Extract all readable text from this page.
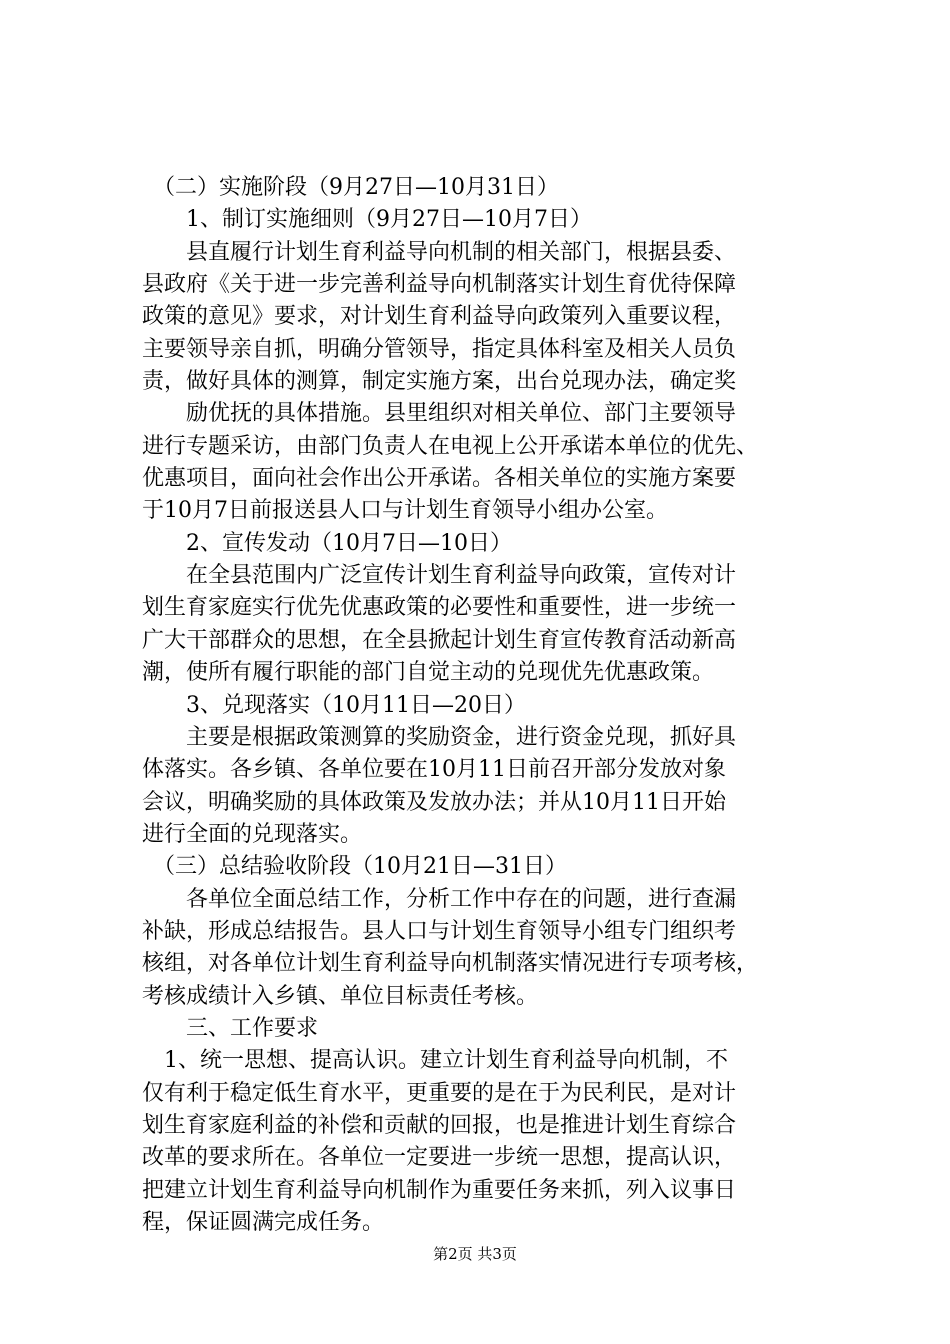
　（二）实施阶段（9月27日—10月31日）
　　1、制订实施细则（9月27日—10月7日）
　　县直履行计划生育利益导向机制的相关部门，根据县委、
县政府《关于进一步完善利益导向机制落实计划生育优待保障
政策的意见》要求，对计划生育利益导向政策列入重要议程，
主要领导亲自抓，明确分管领导，指定具体科室及相关人员负
责，做好具体的测算，制定实施方案，出台兑现办法，确定奖
　　励优抚的具体措施。县里组织对相关单位、部门主要领导
进行专题采访，由部门负责人在电视上公开承诺本单位的优先、
优惠项目，面向社会作出公开承诺。各相关单位的实施方案要
于10月7日前报送县人口与计划生育领导小组办公室。
　　2、宣传发动（10月7日—10日）
　　在全县范围内广泛宣传计划生育利益导向政策，宣传对计
划生育家庭实行优先优惠政策的必要性和重要性，进一步统一
广大干部群众的思想，在全县掀起计划生育宣传教育活动新高
潮，使所有履行职能的部门自觉主动的兑现优先优惠政策。
　　3、兑现落实（10月11日—20日）
　　主要是根据政策测算的奖励资金，进行资金兑现，抓好具
体落实。各乡镇、各单位要在10月11日前召开部分发放对象
会议，明确奖励的具体政策及发放办法；并从10月11日开始
进行全面的兑现落实。
　（三）总结验收阶段（10月21日—31日）
　　各单位全面总结工作，分析工作中存在的问题，进行查漏
补缺，形成总结报告。县人口与计划生育领导小组专门组织考
核组，对各单位计划生育利益导向机制落实情况进行专项考核，
考核成绩计入乡镇、单位目标责任考核。
　　三、工作要求
　1、统一思想、提高认识。建立计划生育利益导向机制，不
仅有利于稳定低生育水平，更重要的是在于为民利民，是对计
划生育家庭利益的补偿和贡献的回报，也是推进计划生育综合
改革的要求所在。各单位一定要进一步统一思想，提高认识，
把建立计划生育利益导向机制作为重要任务来抓，列入议事日
程，保证圆满完成任务。
第2页 共3页
